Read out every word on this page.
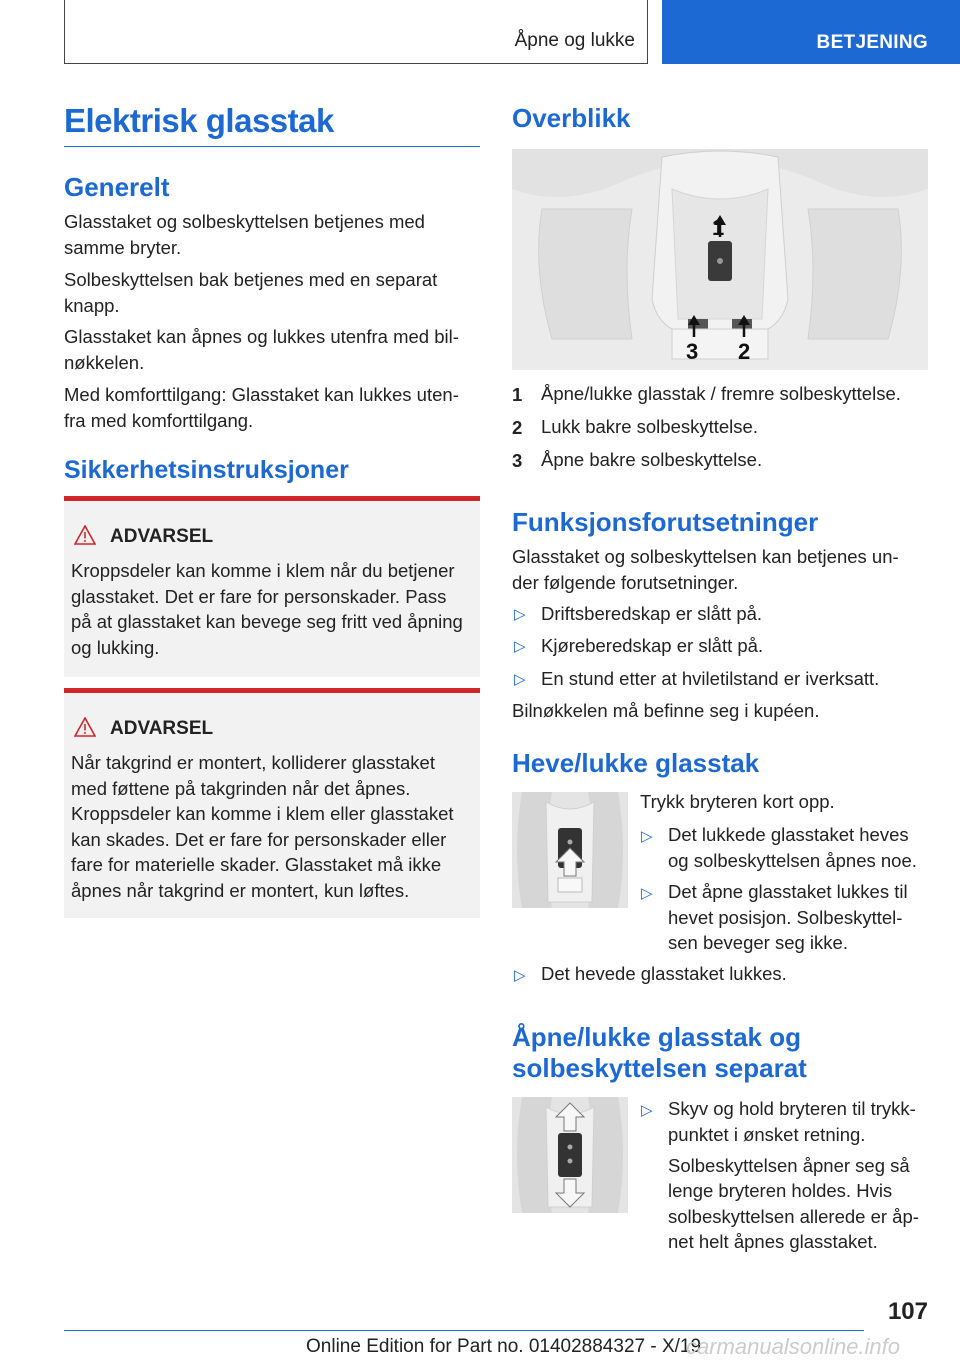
Åpne og lukke	BETJENING
Elektrisk glasstak
Generelt
Glasstaket og solbeskyttelsen betjenes med
samme bryter.
Solbeskyttelsen bak betjenes med en separat
knapp.
Glasstaket kan åpnes og lukkes utenfra med bil-
nøkkelen.
Med komforttilgang: Glasstaket kan lukkes uten-
fra med komforttilgang.
Sikkerhetsinstruksjoner
ADVARSEL
Kroppsdeler kan komme i klem når du betjener
glasstaket. Det er fare for personskader. Pass
på at glasstaket kan bevege seg fritt ved åpning
og lukking.
ADVARSEL
Når takgrind er montert, kolliderer glasstaket
med føttene på takgrinden når det åpnes.
Kroppsdeler kan komme i klem eller glasstaket
kan skades. Det er fare for personskader eller
fare for materielle skader. Glasstaket må ikke
åpnes når takgrind er montert, kun løftes.
Overblikk
1
2
3
1 Åpne/lukke glasstak / fremre solbeskyttelse.
2 Lukk bakre solbeskyttelse.
3 Åpne bakre solbeskyttelse.
Funksjonsforutsetninger
Glasstaket og solbeskyttelsen kan betjenes un-
der følgende forutsetninger.
▷ Driftsberedskap er slått på.
▷ Kjøreberedskap er slått på.
▷ En stund etter at hviletilstand er iverksatt.
Bilnøkkelen må befinne seg i kupéen.
Heve/lukke glasstak
Trykk bryteren kort opp.
▷ Det lukkede glasstaket heves
og solbeskyttelsen åpnes noe.
▷ Det åpne glasstaket lukkes til
hevet posisjon. Solbeskyttel-
sen beveger seg ikke.
▷ Det hevede glasstaket lukkes.
Åpne/lukke glasstak og
solbeskyttelsen separat
▷ Skyv og hold bryteren til trykk-
punktet i ønsket retning.
Solbeskyttelsen åpner seg så
lenge bryteren holdes. Hvis
solbeskyttelsen allerede er åp-
net helt åpnes glasstaket.
107
Online Edition for Part no. 01402884327 - X/19
carmanualsonline.info
